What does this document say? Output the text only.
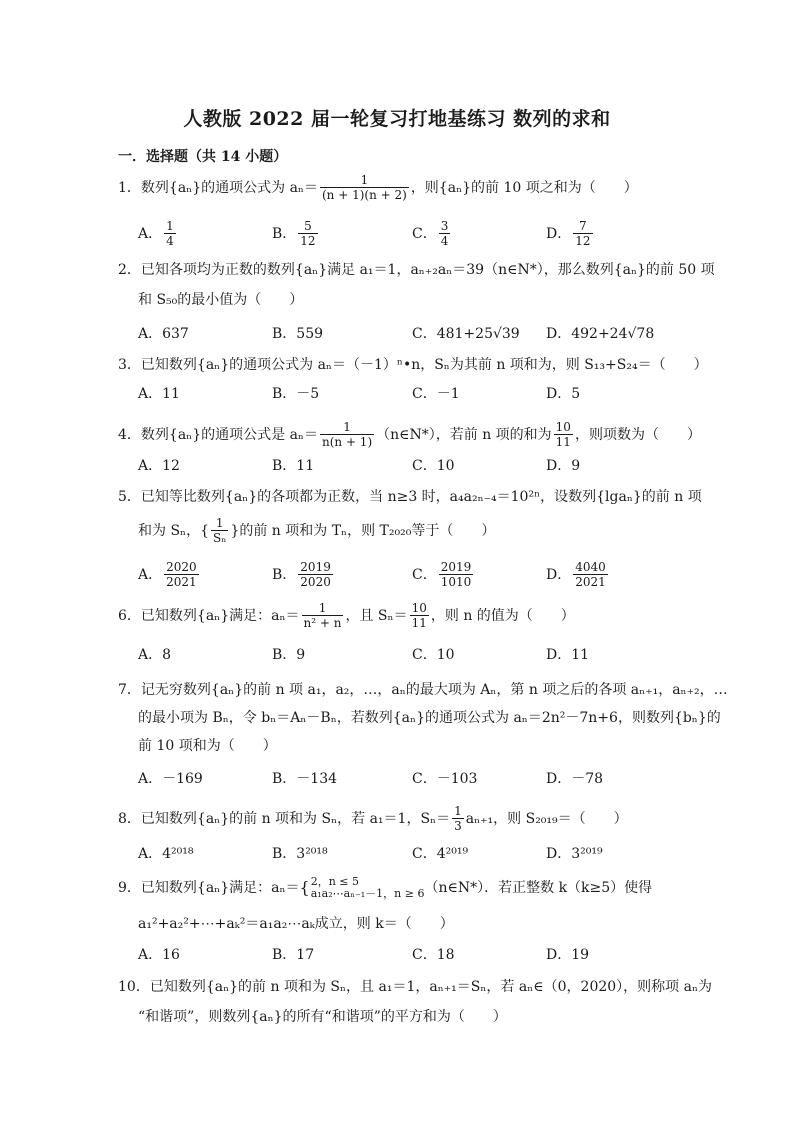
人教版 2022 届一轮复习打地基练习 数列的求和
一．选择题（共 14 小题）
1．数列{aₙ}的通项公式为 $a_n= \frac{1}{(n + 1)(n + 2)}$ ，则{aₙ}的前 10 项之和为（　　）
A． $\frac{1}{4}$	B． $\frac{5}{12}$	C． $\frac{3}{4}$	D． $\frac{7}{12}$
2．已知各项均为正数的数列{aₙ}满足 a₁＝1，aₙ₊₂aₙ＝39（n∈N*），那么数列{aₙ}的前 50 项
和 S₅₀的最小值为（　　）
A．637	B．559	C．481+25√39 D．492+24√78
3．已知数列{aₙ}的通项公式为 aₙ＝（－1）ⁿ•n，Sₙ为其前 n 项和为，则 S₁₃+S₂₄＝（　　）
A．11	B．－5	C．－1	D．5
4．数列{aₙ}的通项公式是 $a_n= \frac{1}{n(n + 1)}$ （n∈N*），若前 n 项的和为 $\frac{10}{11}$ ，则项数为（　　）
A．12	B．11	C．10	D．9
5．已知等比数列{aₙ}的各项都为正数，当 n≥3 时，a₄a₂ₙ₋₄＝10²ⁿ，设数列{lgaₙ}的前 n 项
和为 Sₙ，{ $\frac{1}{\text{Sₙ}}$ }的前 n 项和为 Tₙ，则 T₂₀₂₀等于（　　）
A． $\frac{2020}{2021}$	B． $\frac{2019}{2020}$	C． $\frac{2019}{1010}$	D． $\frac{4040}{2021}$
6．已知数列{aₙ}满足：$a_n= \frac{1}{\text{n² + n}}$ ，且 $S_n= \frac{10}{11}$ ，则 n 的值为（　　）
A．8	B．9	C．10	D．11
7．记无穷数列{aₙ}的前 n 项 a₁，a₂，…，aₙ的最大项为 Aₙ，第 n 项之后的各项 aₙ₊₁，aₙ₊₂，…
的最小项为 Bₙ，令 bₙ＝Aₙ－Bₙ，若数列{aₙ}的通项公式为 aₙ＝2n²－7n+6，则数列{bₙ}的
前 10 项和为（　　）
A．－169	B．－134	C．－103	D．－78
8．已知数列{aₙ}的前 n 项和为 Sₙ，若 a₁＝1，$S_n= \frac{1}{3} a_{n+1}$，则 S₂₀₁₉＝（　　）
A．4²⁰¹⁸	B．3²⁰¹⁸	C．4²⁰¹⁹	D．3²⁰¹⁹
9．已知数列{aₙ}满足：aₙ＝ { 2，n ≤ 5
a₁a₂⋯aₙ₋₁－1，n ≥ 6 （n∈N*）．若正整数 k（k≥5）使得
a₁²+a₂²+⋯+aₖ²＝a₁a₂⋯aₖ成立，则 k＝（　　）
A．16	B．17	C．18	D．19
10．已知数列{aₙ}的前 n 项和为 Sₙ，且 a₁＝1，aₙ₊₁＝Sₙ，若 aₙ∈（0，2020），则称项 aₙ为
“和谐项”，则数列{aₙ}的所有“和谐项”的平方和为（　　）
